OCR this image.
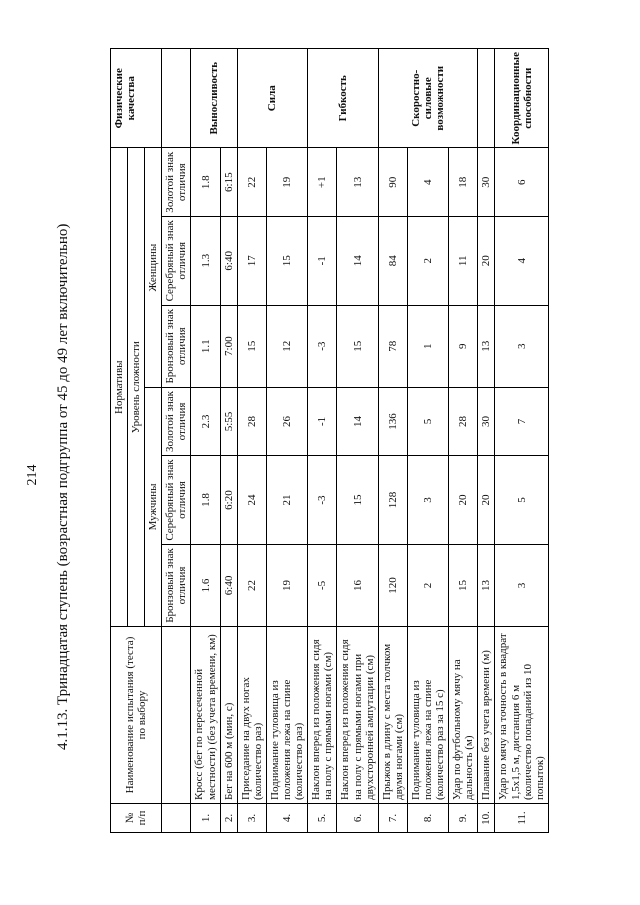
214 4.1.13. Тринадцатая ступень (возрастная подгруппа от 45 до 49 лет включительно)
№ п/п	Наименование испытания (теста) по выбору	Нормативы						Физические качества
		Уровень сложности						
		Мужчины			Женщины			
		Бронзовый знак отличия	Серебряный знак отличия	Золотой знак отличия	Бронзовый знак отличия	Серебряный знак отличия	Золотой знак отличия	
1.	Кросс (бег по пересеченной местности) (без учета времени, км)	1.6	1.8	2.3	1.1	1.3	1.8	Выносливость
2.	Бег на 600 м (мин, с)	6:40	6:20	5:55	7:00	6:40	6:15	
3.	Приседание на двух ногах (количество раз)	22	24	28	15	17	22	Сила
4.	Поднимание туловища из положения лежа на спине (количество раз)	19	21	26	12	15	19	
5.	Наклон вперед из положения сидя на полу с прямыми ногами (см)	-5	-3	-1	-3	-1	+1	Гибкость
6.	Наклон вперед из положения сидя на полу с прямыми ногами при двухсторонней ампутации (см)	16	15	14	15	14	13	
7.	Прыжок в длину с места толчком двумя ногами (см)	120	128	136	78	84	90	Скоростно-силовые возможности
8.	Поднимание туловища из положения лежа на спине (количество раз за 15 с)	2	3	5	1	2	4	
9.	Удар по футбольному мячу на дальность (м)	15	20	28	9	11	18	
10.	Плавание без учета времени (м)	13	20	30	13	20	30	
11.	Удар по мячу на точность в квадрат 1,5х1,5 м, дистанция 6 м (количество попаданий из 10 попыток)	3	5	7	3	4	6	Координационные способности
